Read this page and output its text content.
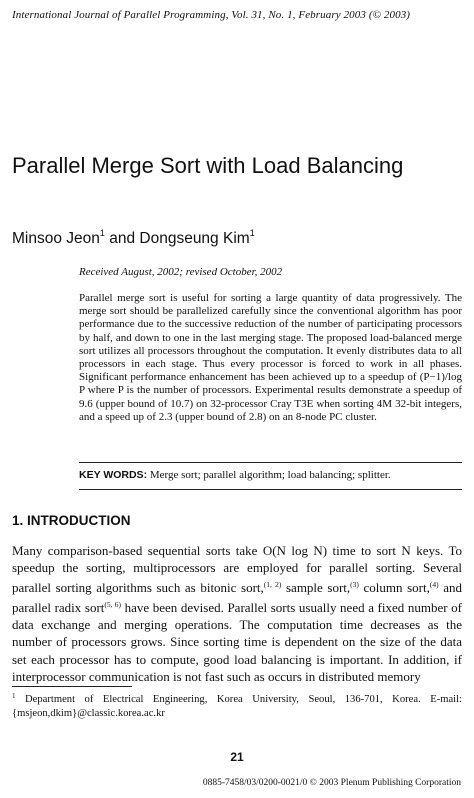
International Journal of Parallel Programming, Vol. 31, No. 1, February 2003 (© 2003)
Parallel Merge Sort with Load Balancing
Minsoo Jeon$^1$ and Dongseung Kim$^1$
Received August, 2002; revised October, 2002
Parallel merge sort is useful for sorting a large quantity of data progressively. The merge sort should be parallelized carefully since the conventional algorithm has poor performance due to the successive reduction of the number of participating processors by half, and down to one in the last merging stage. The proposed load-balanced merge sort utilizes all processors throughout the computation. It evenly distributes data to all processors in each stage. Thus every processor is forced to work in all phases. Significant performance enhancement has been achieved up to a speedup of (P−1)/log P where P is the number of processors. Experimental results demonstrate a speedup of 9.6 (upper bound of 10.7) on 32-processor Cray T3E when sorting 4M 32-bit integers, and a speed up of 2.3 (upper bound of 2.8) on an 8-node PC cluster.
KEY WORDS: Merge sort; parallel algorithm; load balancing; splitter.
1. INTRODUCTION
Many comparison-based sequential sorts take O(N log N) time to sort N keys. To speedup the sorting, multiprocessors are employed for parallel sorting. Several parallel sorting algorithms such as bitonic sort,$^{(1, 2)}$ sample sort,$^{(3)}$ column sort,$^{(4)}$ and parallel radix sort$^{(5, 6)}$ have been devised. Parallel sorts usually need a fixed number of data exchange and merging operations. The computation time decreases as the number of processors grows. Since sorting time is dependent on the size of the data set each processor has to compute, good load balancing is important. In addition, if interprocessor communication is not fast such as occurs in distributed memory
$^1$ Department of Electrical Engineering, Korea University, Seoul, 136-701, Korea. E-mail: {msjeon,dkim}@classic.korea.ac.kr
21
0885-7458/03/0200-0021/0 © 2003 Plenum Publishing Corporation
